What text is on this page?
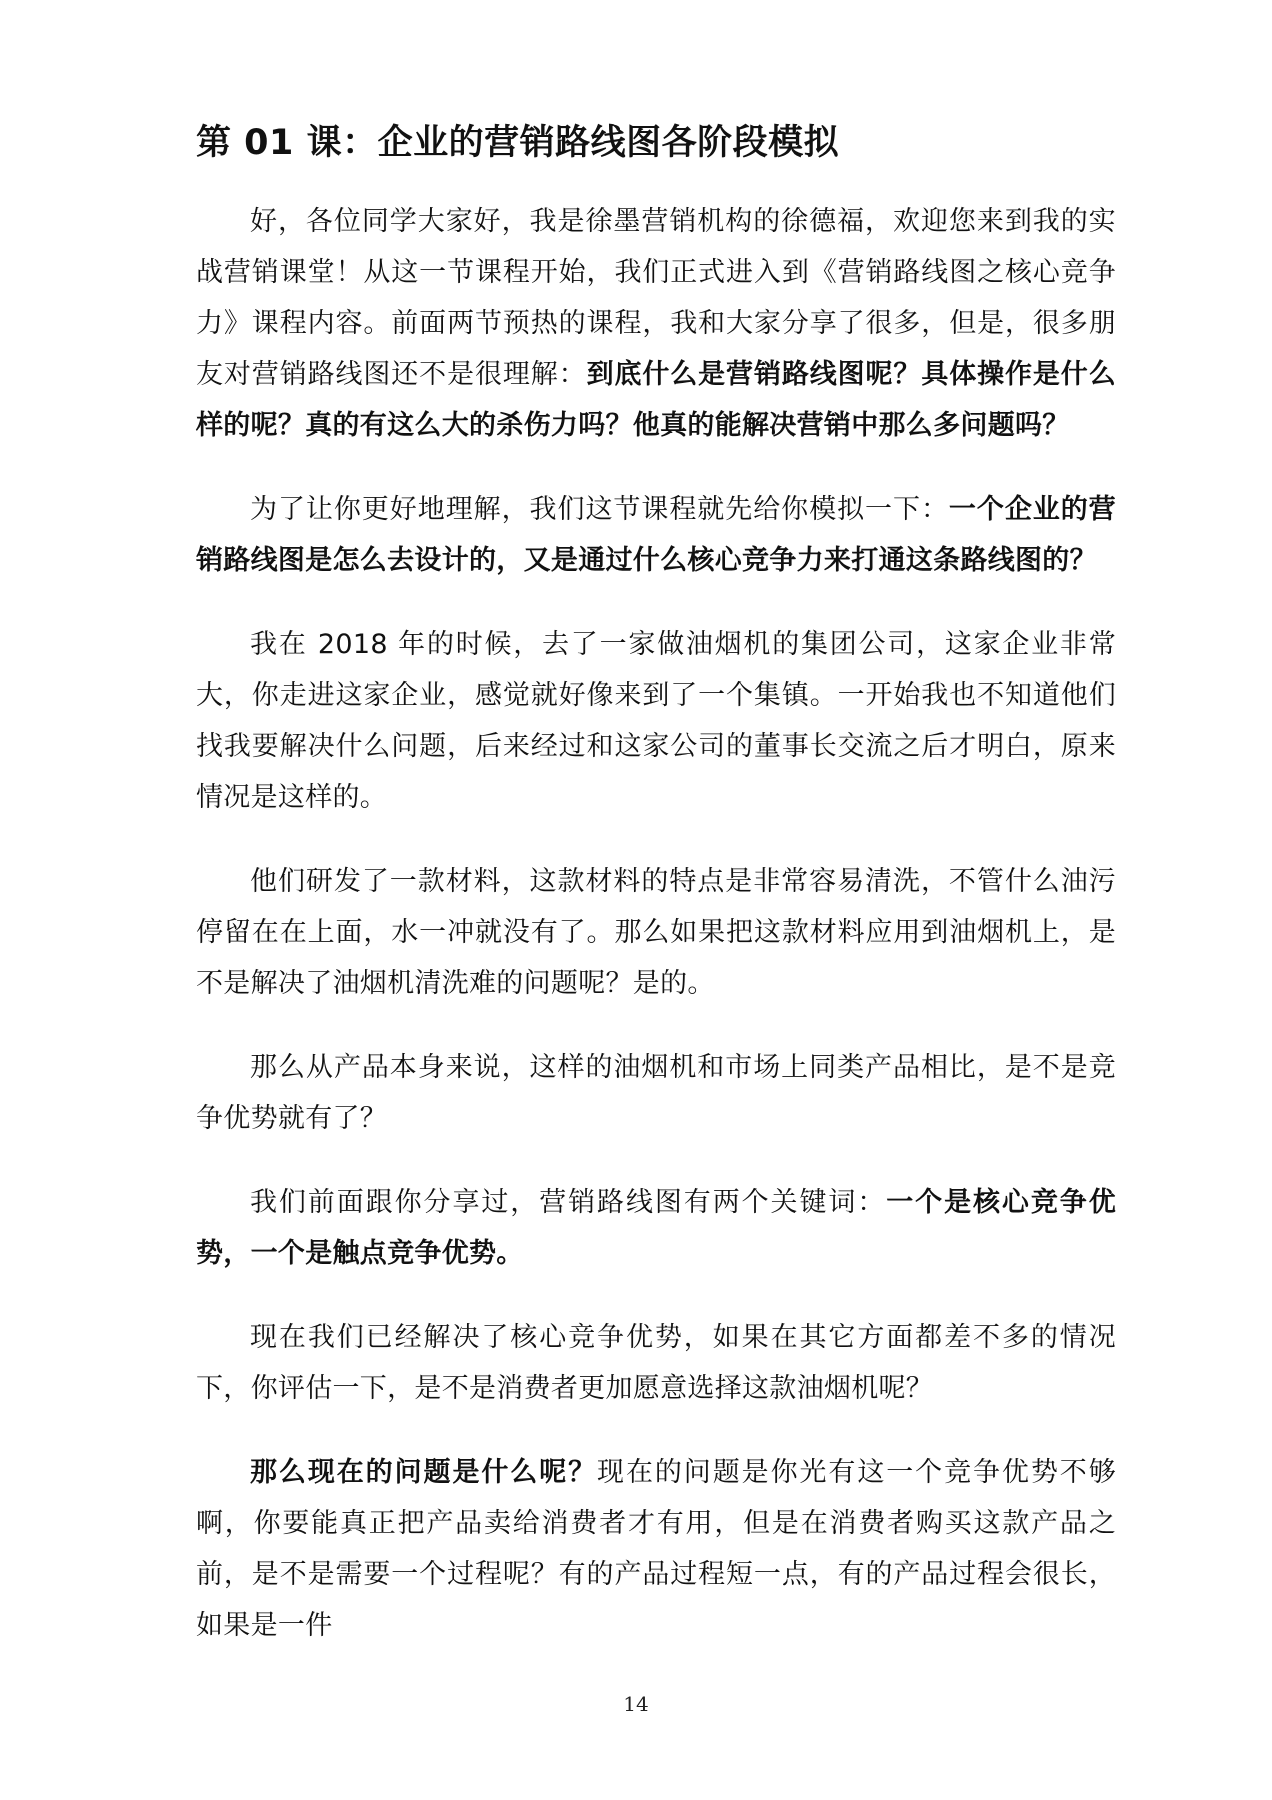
第 01 课：企业的营销路线图各阶段模拟

好，各位同学大家好，我是徐墨营销机构的徐德福，欢迎您来到我的实战营销课堂！从这一节课程开始，我们正式进入到《营销路线图之核心竞争力》课程内容。前面两节预热的课程，我和大家分享了很多，但是，很多朋友对营销路线图还不是很理解：到底什么是营销路线图呢？具体操作是什么样的呢？真的有这么大的杀伤力吗？他真的能解决营销中那么多问题吗？

为了让你更好地理解，我们这节课程就先给你模拟一下：一个企业的营销路线图是怎么去设计的，又是通过什么核心竞争力来打通这条路线图的？

我在 2018 年的时候，去了一家做油烟机的集团公司，这家企业非常大，你走进这家企业，感觉就好像来到了一个集镇。一开始我也不知道他们找我要解决什么问题，后来经过和这家公司的董事长交流之后才明白，原来情况是这样的。

他们研发了一款材料，这款材料的特点是非常容易清洗，不管什么油污停留在在上面，水一冲就没有了。那么如果把这款材料应用到油烟机上，是不是解决了油烟机清洗难的问题呢？是的。

那么从产品本身来说，这样的油烟机和市场上同类产品相比，是不是竞争优势就有了？

我们前面跟你分享过，营销路线图有两个关键词：一个是核心竞争优势，一个是触点竞争优势。

现在我们已经解决了核心竞争优势，如果在其它方面都差不多的情况下，你评估一下，是不是消费者更加愿意选择这款油烟机呢？

那么现在的问题是什么呢？现在的问题是你光有这一个竞争优势不够啊，你要能真正把产品卖给消费者才有用，但是在消费者购买这款产品之前，是不是需要一个过程呢？有的产品过程短一点，有的产品过程会很长，如果是一件

14
